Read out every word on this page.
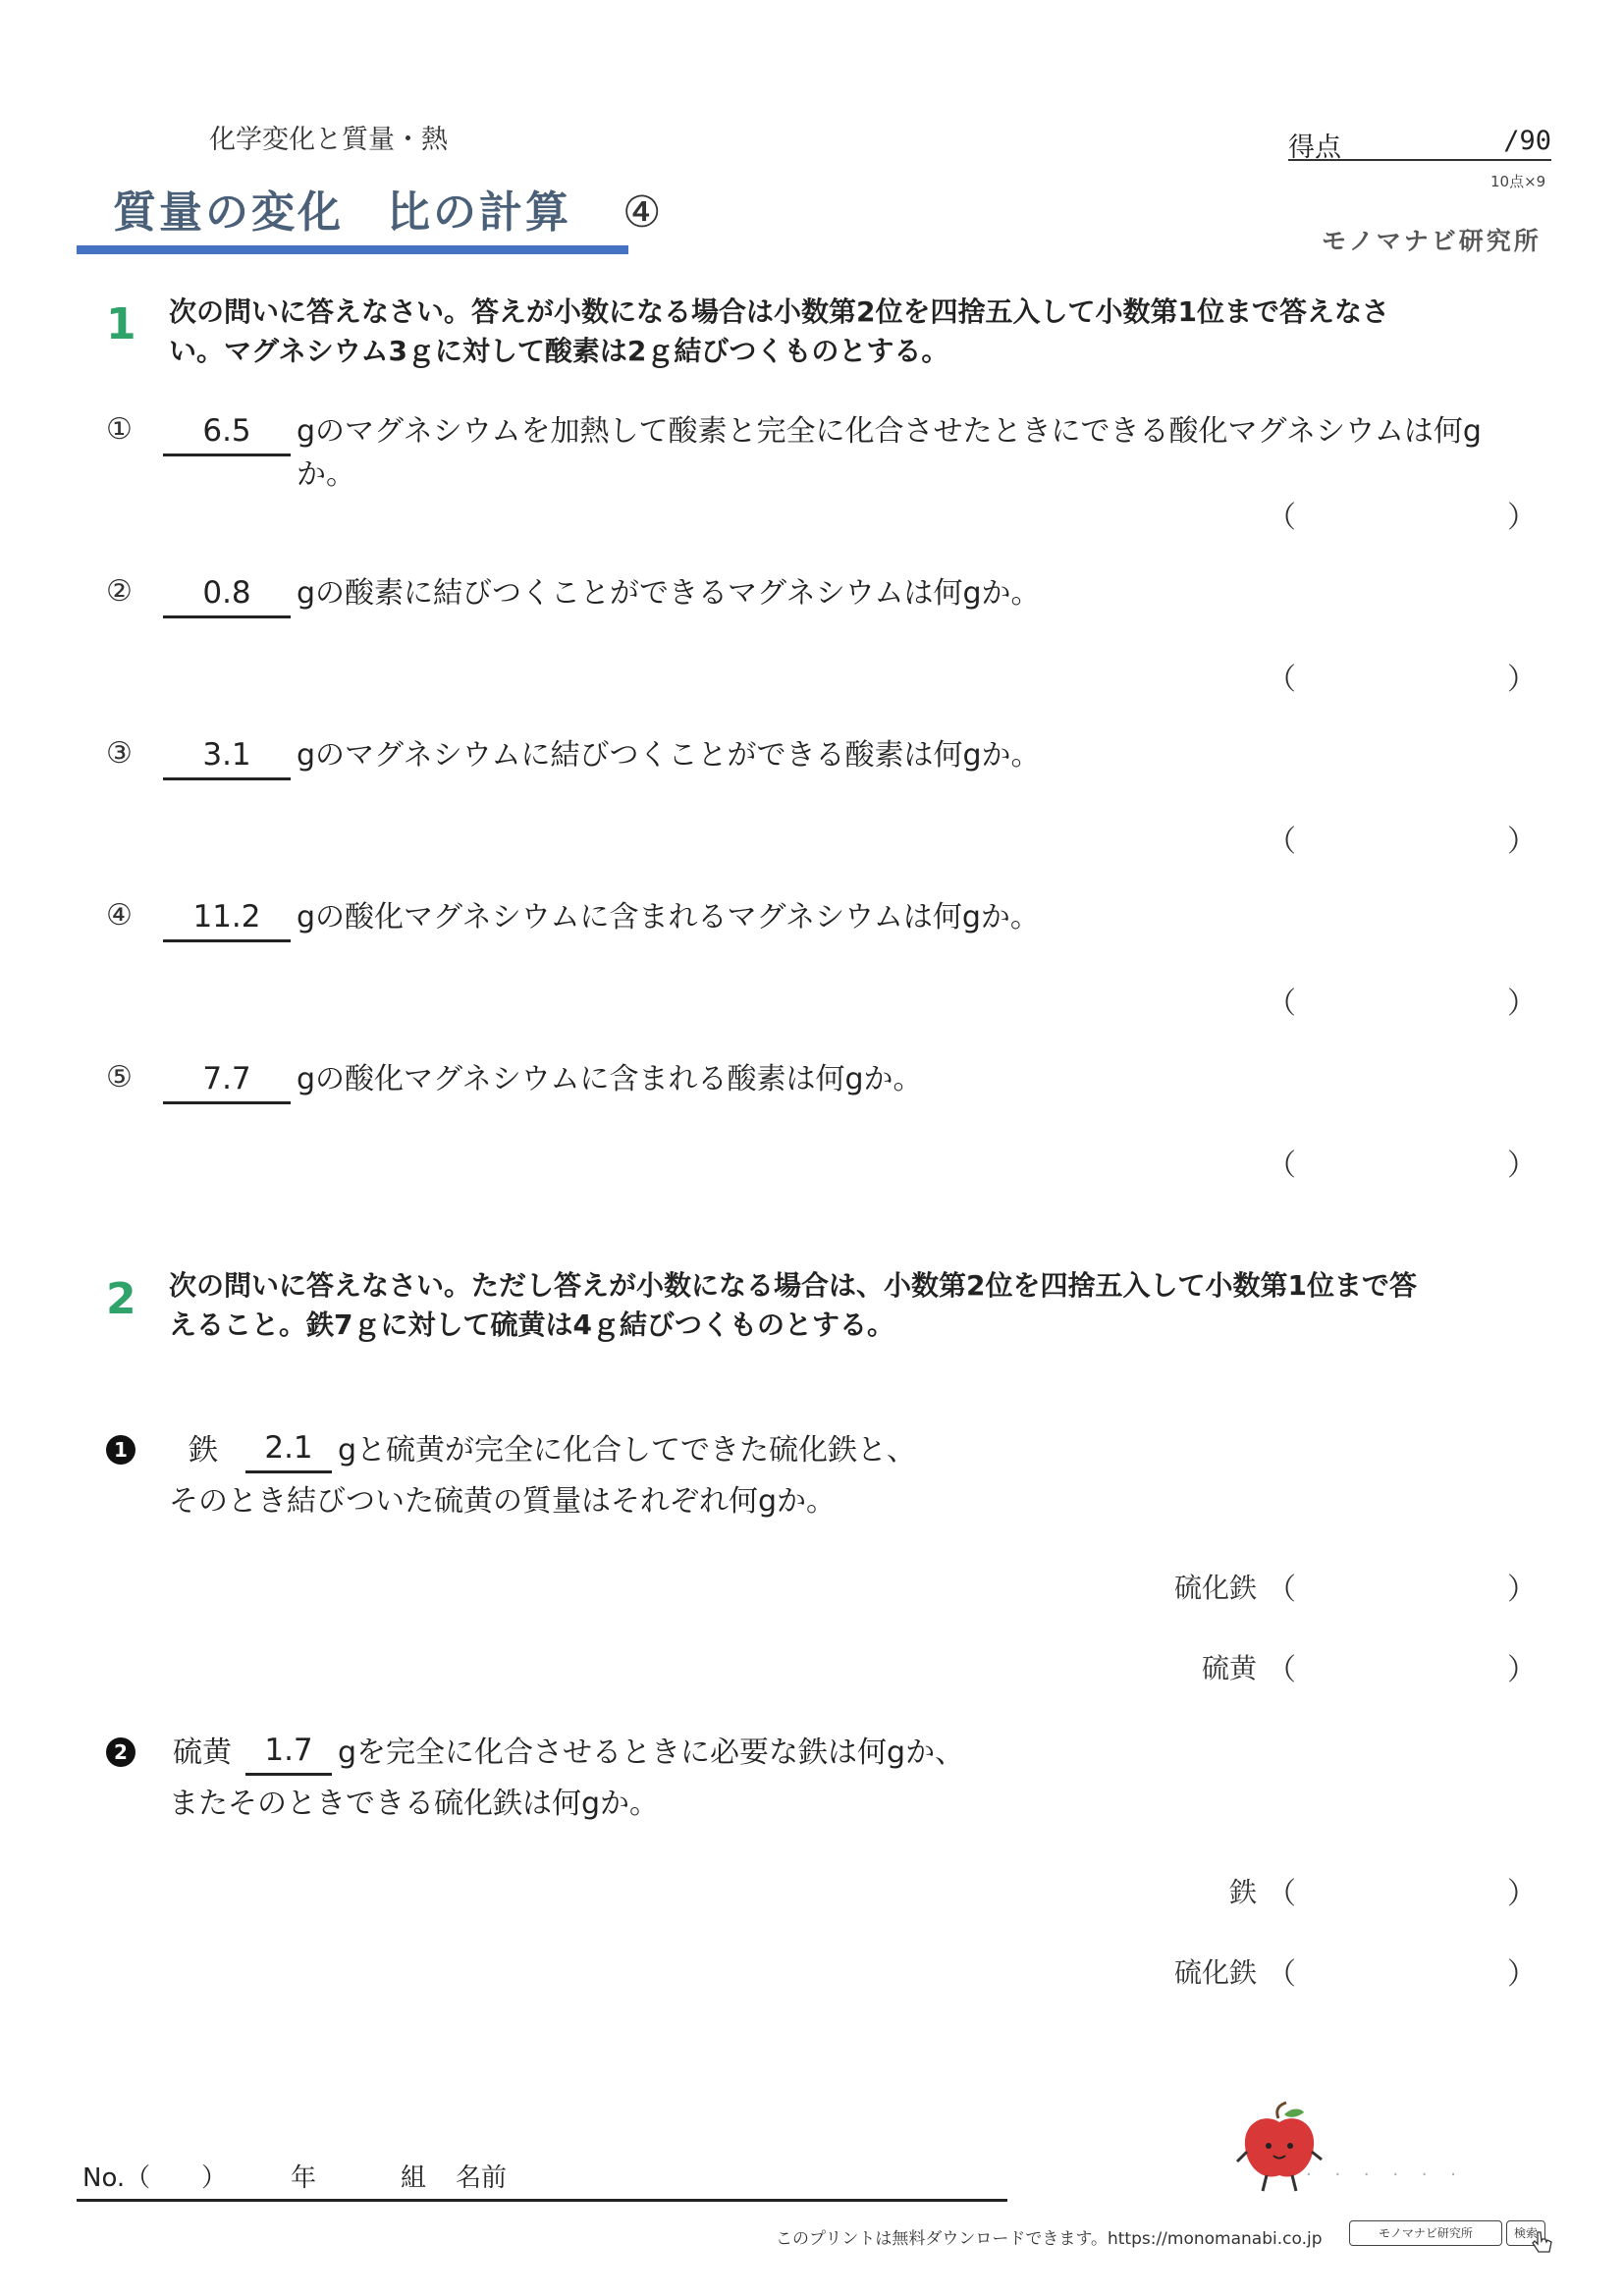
化学変化と質量・熱
質量の変化 比の計算 ④
得点	/90
10点×9
モノマナビ研究所
1 次の問いに答えなさい。答えが小数になる場合は小数第2位を四捨五入して小数第1位まで答えなさ
い。マグネシウム3ｇに対して酸素は2ｇ結びつくものとする。
①	6.5	gのマグネシウムを加熱して酸素と完全に化合させたときにできる酸化マグネシウムは何g
か。
（	）
②	0.8	gの酸素に結びつくことができるマグネシウムは何gか。
（	）
③	3.1	gのマグネシウムに結びつくことができる酸素は何gか。
（	）
④	11.2	gの酸化マグネシウムに含まれるマグネシウムは何gか。
（	）
⑤	7.7	gの酸化マグネシウムに含まれる酸素は何gか。
（	）
2 次の問いに答えなさい。ただし答えが小数になる場合は、小数第2位を四捨五入して小数第1位まで答
えること。鉄7ｇに対して硫黄は4ｇ結びつくものとする。
1 鉄	2.1 gと硫黄が完全に化合してできた硫化鉄と、
そのとき結びついた硫黄の質量はそれぞれ何gか。
硫化鉄 （	）
硫黄 （	）
2 硫黄	1.7 gを完全に化合させるときに必要な鉄は何gか、
またそのときできる硫化鉄は何gか。
鉄 （	）
硫化鉄 （	）
· · · · · ·
No.（　　） 年	組 名前
このプリントは無料ダウンロードできます。https://monomanabi.co.jp	モノマナビ研究所	検索
